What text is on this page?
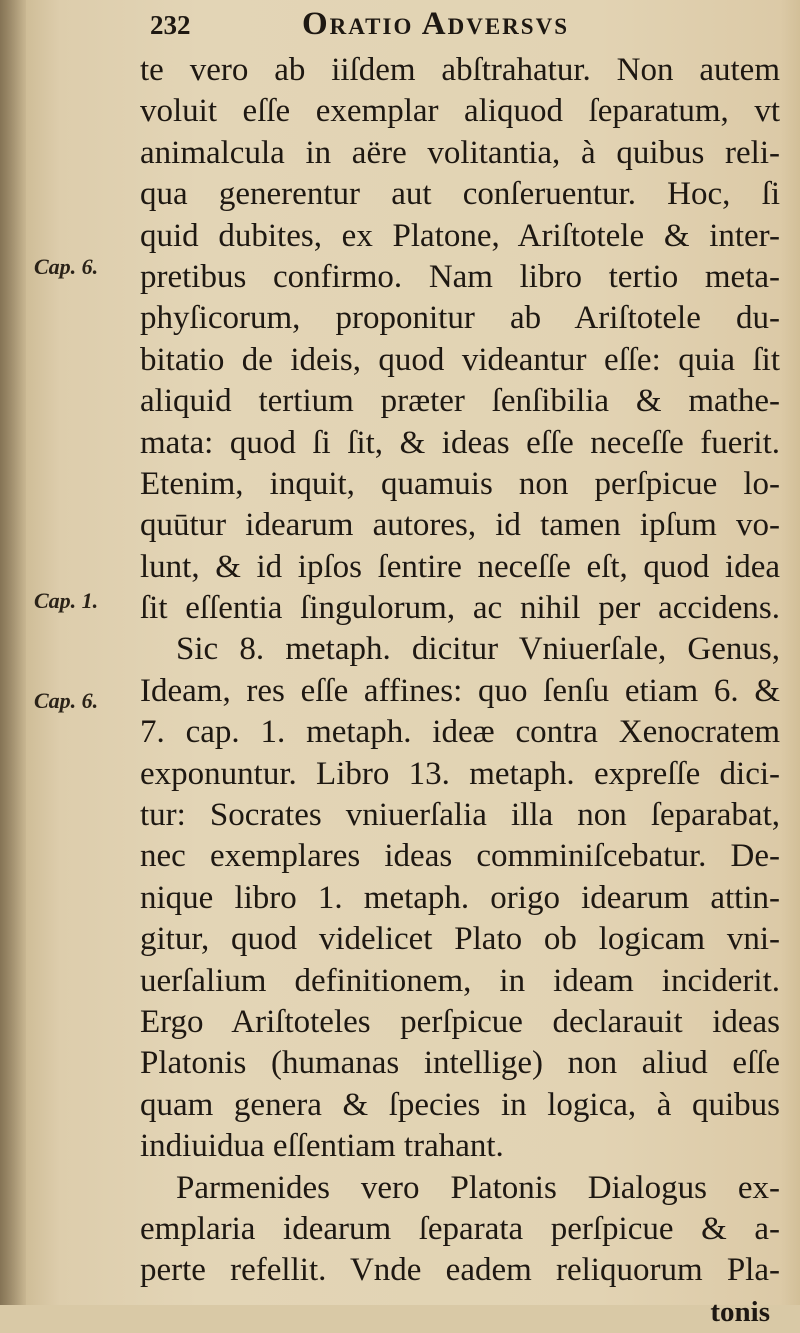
232	Oratio Adversvs
Cap. 6.
Cap. 1.
Cap. 6.
te vero ab iiſdem abſtrahatur. Non autem
voluit eſſe exemplar aliquod ſeparatum, vt
animalcula in aëre volitantia, à quibus reli-
qua generentur aut conſeruentur. Hoc, ſi
quid dubites, ex Platone, Ariſtotele & inter-
pretibus confirmo. Nam libro tertio meta-
phyſicorum, proponitur ab Ariſtotele du-
bitatio de ideis, quod videantur eſſe: quia ſit
aliquid tertium præter ſenſibilia & mathe-
mata: quod ſi ſit, & ideas eſſe neceſſe fuerit.
Etenim, inquit, quamuis non perſpicue lo-
quūtur idearum autores, id tamen ipſum vo-
lunt, & id ipſos ſentire neceſſe eſt, quod idea
ſit eſſentia ſingulorum, ac nihil per accidens.
Sic 8. metaph. dicitur Vniuerſale, Genus,
Ideam, res eſſe affines: quo ſenſu etiam 6. &
7. cap. 1. metaph. ideæ contra Xenocratem
exponuntur. Libro 13. metaph. expreſſe dici-
tur: Socrates vniuerſalia illa non ſeparabat,
nec exemplares ideas comminiſcebatur. De-
nique libro 1. metaph. origo idearum attin-
gitur, quod videlicet Plato ob logicam vni-
uerſalium definitionem, in ideam inciderit.
Ergo Ariſtoteles perſpicue declarauit ideas
Platonis (humanas intellige) non aliud eſſe
quam genera & ſpecies in logica, à quibus
indiuidua eſſentiam trahant.
Parmenides vero Platonis Dialogus ex-
emplaria idearum ſeparata perſpicue & a-
perte refellit. Vnde eadem reliquorum Pla-
tonis
